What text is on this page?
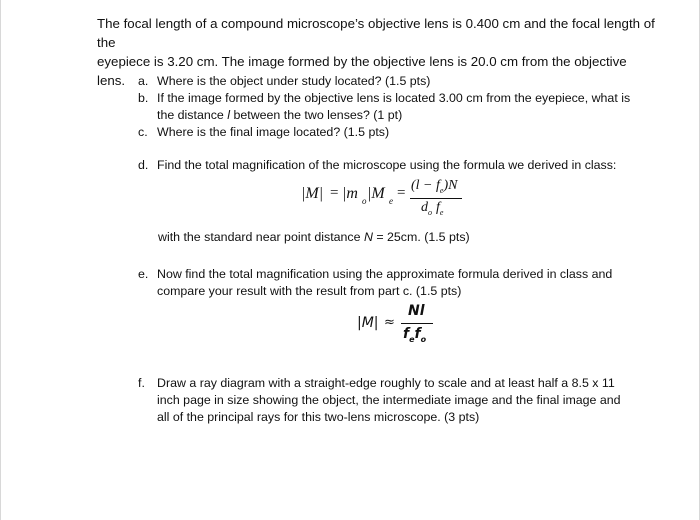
The focal length of a compound microscope’s objective lens is 0.400 cm and the focal length of the
eyepiece is 3.20 cm. The image formed by the objective lens is 20.0 cm from the objective lens.	a. Where is the object under study located? (1.5 pts)
b. If the image formed by the objective lens is located 3.00 cm from the eyepiece, what is
the distance l between the two lenses? (1 pt)
c. Where is the final image located? (1.5 pts)
d. Find the total magnification of the microscope using the formula we derived in class:
|M| = |m o |M $e = (l - f_e)N$
$d_o$ $f_e$
with the standard near point distance N = 25cm. (1.5 pts)
e. Now find the total magnification using the approximate formula derived in class and
compare your result with the result from part c. (1.5 pts)
|M| ≈
Nl
$f_ef_o$
f. Draw a ray diagram with a straight-edge roughly to scale and at least half a 8.5 x 11
inch page in size showing the object, the intermediate image and the final image and
all of the principal rays for this two-lens microscope. (3 pts)
